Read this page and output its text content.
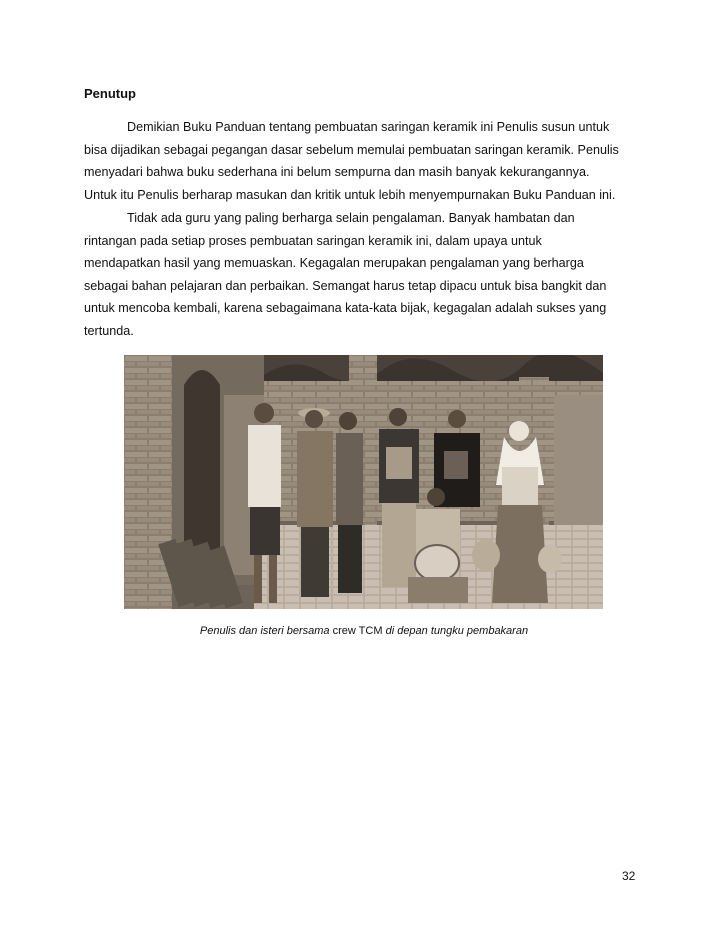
Penutup

Demikian Buku Panduan tentang pembuatan saringan keramik ini Penulis susun untuk
bisa dijadikan sebagai pegangan dasar sebelum memulai pembuatan saringan keramik. Penulis
menyadari bahwa buku sederhana ini belum sempurna dan masih banyak kekurangannya.
Untuk itu Penulis berharap masukan dan kritik untuk lebih menyempurnakan Buku Panduan ini.

Tidak ada guru yang paling berharga selain pengalaman. Banyak hambatan dan
rintangan pada setiap proses pembuatan saringan keramik ini, dalam upaya untuk
mendapatkan hasil yang memuaskan. Kegagalan merupakan pengalaman yang berharga
sebagai bahan pelajaran dan perbaikan. Semangat harus tetap dipacu untuk bisa bangkit dan
untuk mencoba kembali, karena sebagaimana kata-kata bijak, kegagalan adalah sukses yang
tertunda.

Penulis dan isteri bersama crew TCM di depan tungku pembakaran
32
